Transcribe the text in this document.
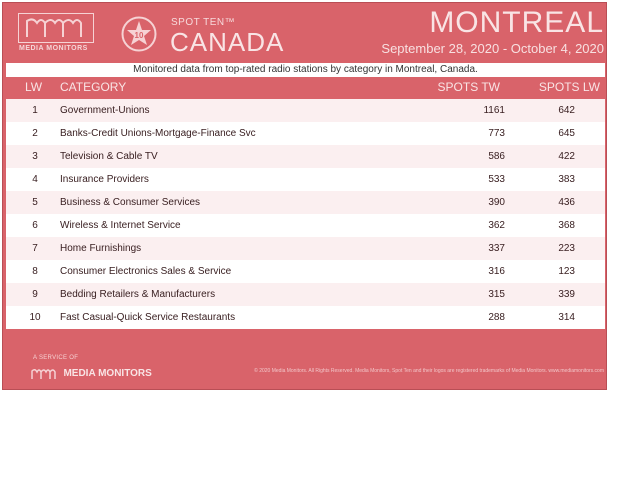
MEDIA MONITORS
10
SPOT TEN™
CANADA
MONTREAL
September 28, 2020 - October 4, 2020
Monitored data from top-rated radio stations by category in Montreal, Canada.
LW CATEGORY	SPOTS TW	SPOTS LW
1	Government-Unions	1161	642
2	Banks-Credit Unions-Mortgage-Finance Svc	773	645
3	Television & Cable TV	586	422
4	Insurance Providers	533	383
5	Business & Consumer Services	390	436
6	Wireless & Internet Service	362	368
7	Home Furnishings	337	223
8	Consumer Electronics Sales & Service	316	123
9	Bedding Retailers & Manufacturers	315	339
10 Fast Casual-Quick Service Restaurants	288	314
A SERVICE OF
MEDIA MONITORS	© 2020 Media Monitors. All Rights Reserved. Media Monitors, Spot Ten and their logos are registered trademarks of Media Monitors. www.mediamonitors.com
